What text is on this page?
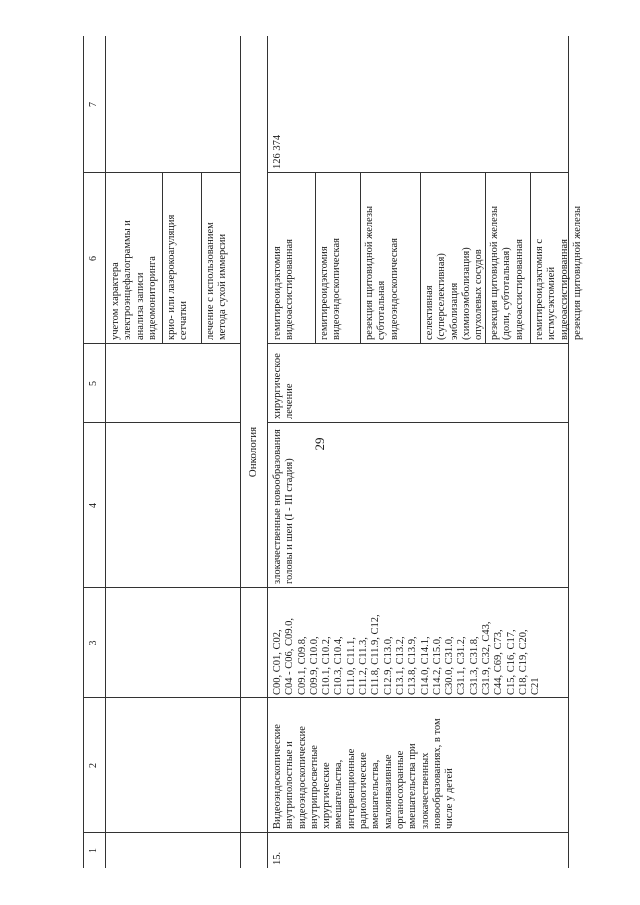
29
1
2
3
4
5
6
7
учетом характера
электроэнцефалограммы и
анализа записи
видеомониторинга крио- или лазерокоагуляция
сетчатки лечение с использованием
метода сухой иммерсии
Онкология
15.
Видеоэндоскопические
внутриполостные и
видеоэндоскопические
внутрипросветные
хирургические
вмешательства,
интервенционные
радиологические
вмешательства,
малоинвазивные
органосохранные
вмешательства при
злокачественных
новообразованиях, в том
числе у детей
C00, C01, C02,
C04 - C06, C09.0,
C09.1, C09.8,
C09.9, C10.0,
C10.1, C10.2,
C10.3, C10.4,
C11.0, C11.1,
C11.2, C11.3,
C11.8, C11.9, C12,
C12.9, C13.0,
C13.1, C13.2,
C13.8, C13.9,
C14.0, C14.1,
C14.2, C15.0,
C30.0, C31.0,
C31.1, C31.2,
C31.3, C31.8,
C31.9, C32, C43,
C44, C69, C73,
C15, C16, C17,
C18, C19, C20,
C21
злокачественные новообразования
головы и шеи (I - III стадия)
хирургическое
лечение
гемитиреоидэктомия
видеоассистированная гемитиреоидэктомия
видеоэндоскопическая резекция щитовидной железы
субтотальная
видеоэндоскопическая селективная
(суперселективная)
эмболизация
(химиоэмболизация)
опухолевых сосудов
резекция щитовидной железы
(доли, субтотальная)
видеоассистированная гемитиреоидэктомия с
истмусэктомией
видеоассистированная резекция щитовидной железы
126 374
